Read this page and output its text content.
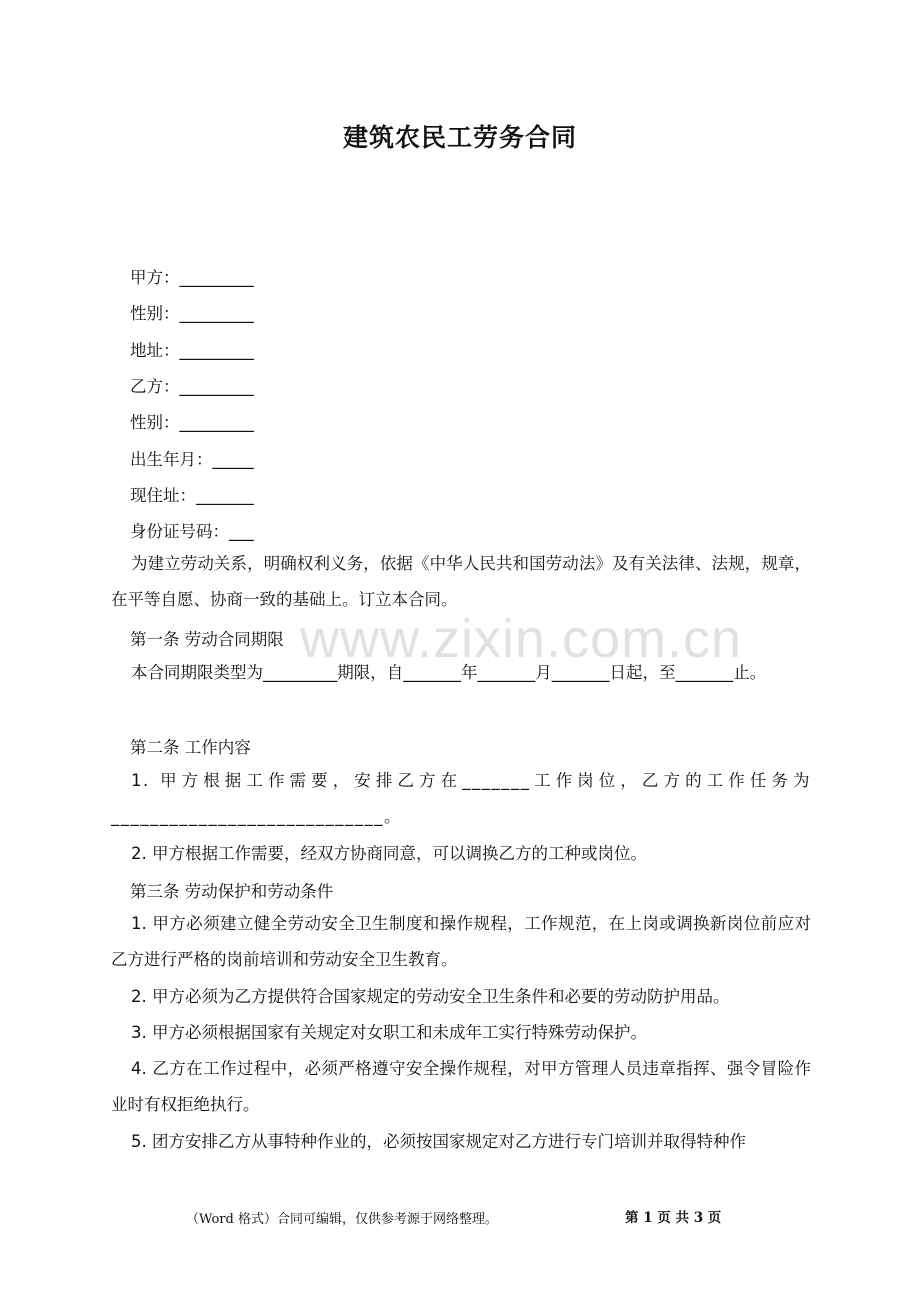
建筑农民工劳务合同
甲方：_________
性别：_________
地址：_________
乙方：_________
性别：_________
出生年月：_____
现住址：_______
身份证号码：___
为建立劳动关系，明确权利义务，依据《中华人民共和国劳动法》及有关法律、法规，规章，在平等自愿、协商一致的基础上。订立本合同。
第一条 劳动合同期限
本合同期限类型为_________期限，自_______年_______月_______日起，至_______止。
第二条 工作内容
1. 甲方根据工作需要，安排乙方在_______工作岗位，乙方的工作任务为____________________________。
2. 甲方根据工作需要，经双方协商同意，可以调换乙方的工种或岗位。
第三条 劳动保护和劳动条件
1. 甲方必须建立健全劳动安全卫生制度和操作规程，工作规范，在上岗或调换新岗位前应对乙方进行严格的岗前培训和劳动安全卫生教育。
2. 甲方必须为乙方提供符合国家规定的劳动安全卫生条件和必要的劳动防护用品。
3. 甲方必须根据国家有关规定对女职工和未成年工实行特殊劳动保护。
4. 乙方在工作过程中，必须严格遵守安全操作规程，对甲方管理人员违章指挥、强令冒险作业时有权拒绝执行。
5. 团方安排乙方从事特种作业的，必须按国家规定对乙方进行专门培训并取得特种作
www.zixin.com.cn
（Word 格式）合同可编辑，仅供参考源于网络整理。	第 1 页 共 3 页
